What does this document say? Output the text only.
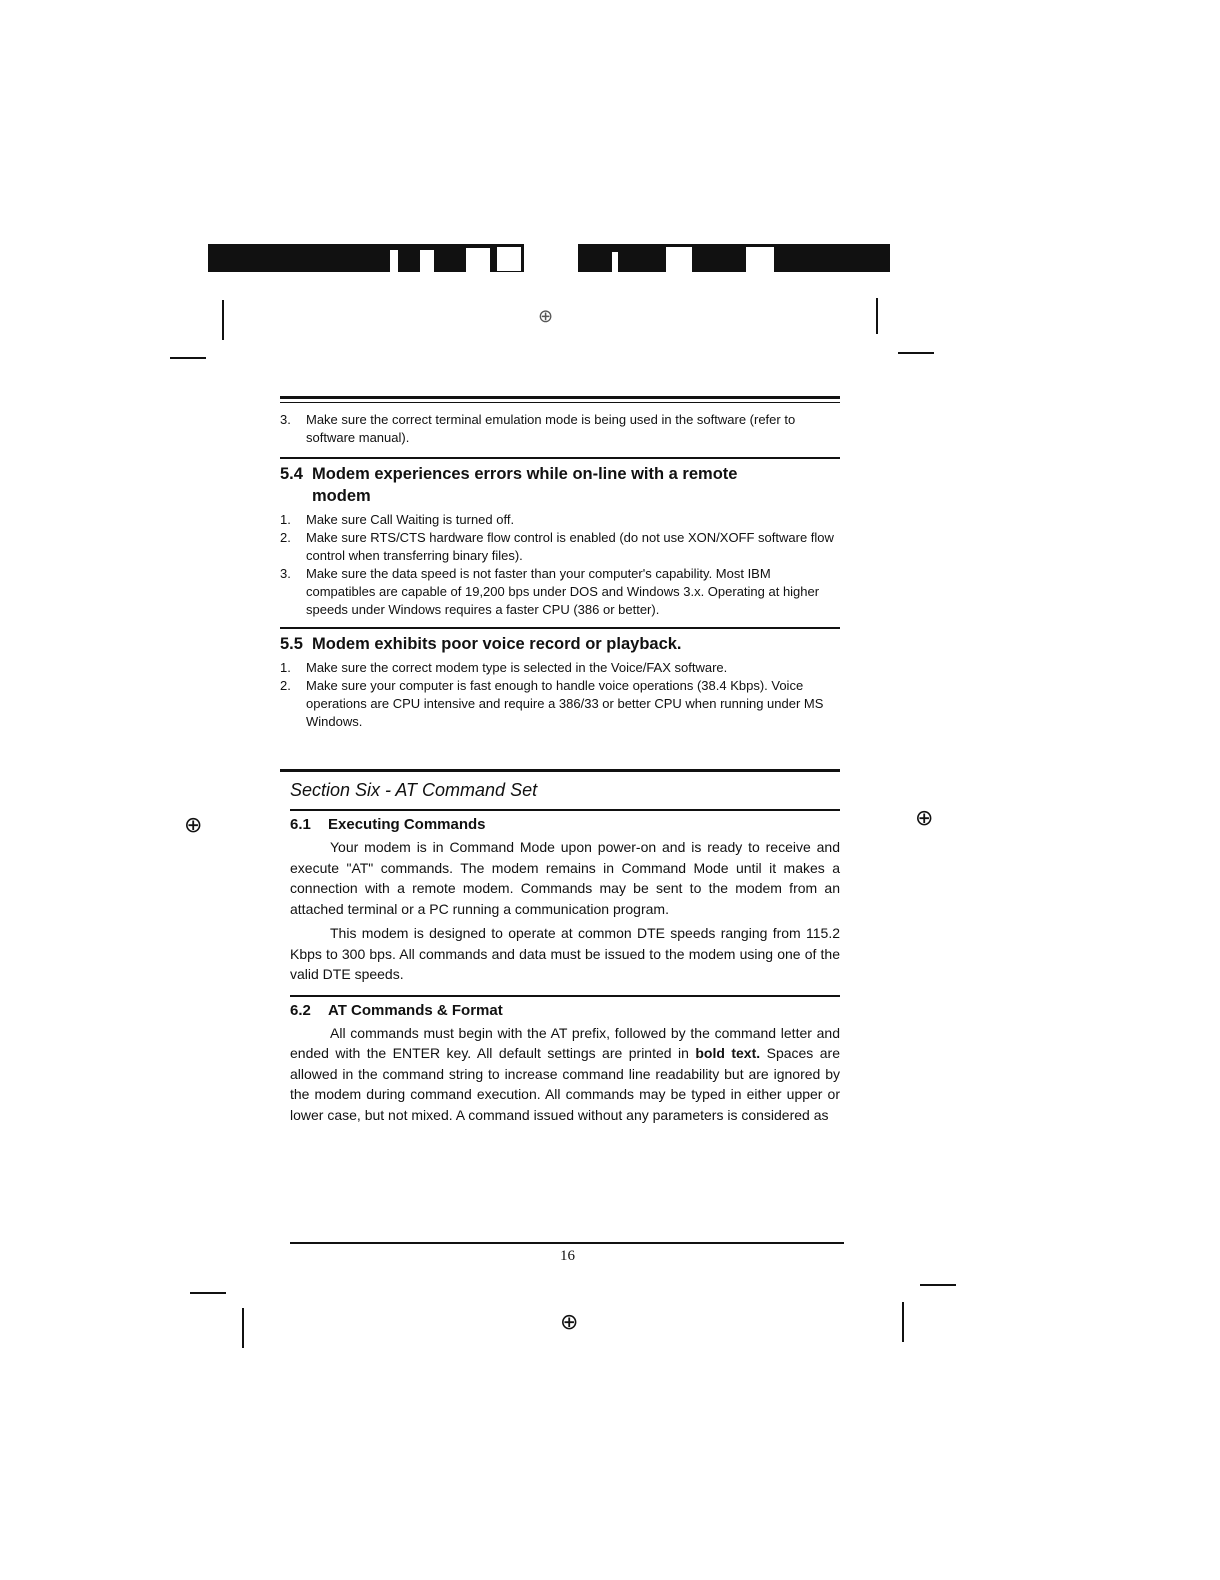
⊕
⊕	⊕
⊕
3.	Make sure the correct terminal emulation mode is being used in the software (refer to software manual).
5.4 Modem experiences errors while on-line with a remote
modem
1.	Make sure Call Waiting is turned off.
2.	Make sure RTS/CTS hardware flow control is enabled (do not use XON/XOFF software flow control when transferring binary files).
3.	Make sure the data speed is not faster than your computer's capability. Most IBM compatibles are capable of 19,200 bps under DOS and Windows 3.x. Operating at higher speeds under Windows requires a faster CPU (386 or better).
5.5 Modem exhibits poor voice record or playback.
1.	Make sure the correct modem type is selected in the Voice/FAX software.
2.	Make sure your computer is fast enough to handle voice operations (38.4 Kbps). Voice operations are CPU intensive and require a 386/33 or better CPU when running under MS Windows.
Section Six - AT Command Set
6.1 Executing Commands
Your modem is in Command Mode upon power-on and is ready to receive and execute "AT" commands. The modem remains in Command Mode until it makes a connection with a remote modem. Commands may be sent to the modem from an attached terminal or a PC running a communication program.
This modem is designed to operate at common DTE speeds ranging from 115.2 Kbps to 300 bps. All commands and data must be issued to the modem using one of the valid DTE speeds.
6.2 AT Commands & Format
All commands must begin with the AT prefix, followed by the command letter and ended with the ENTER key. All default settings are printed in bold text. Spaces are allowed in the command string to increase command line readability but are ignored by the modem during command execution. All commands may be typed in either upper or lower case, but not mixed. A command issued without any parameters is considered as
16
